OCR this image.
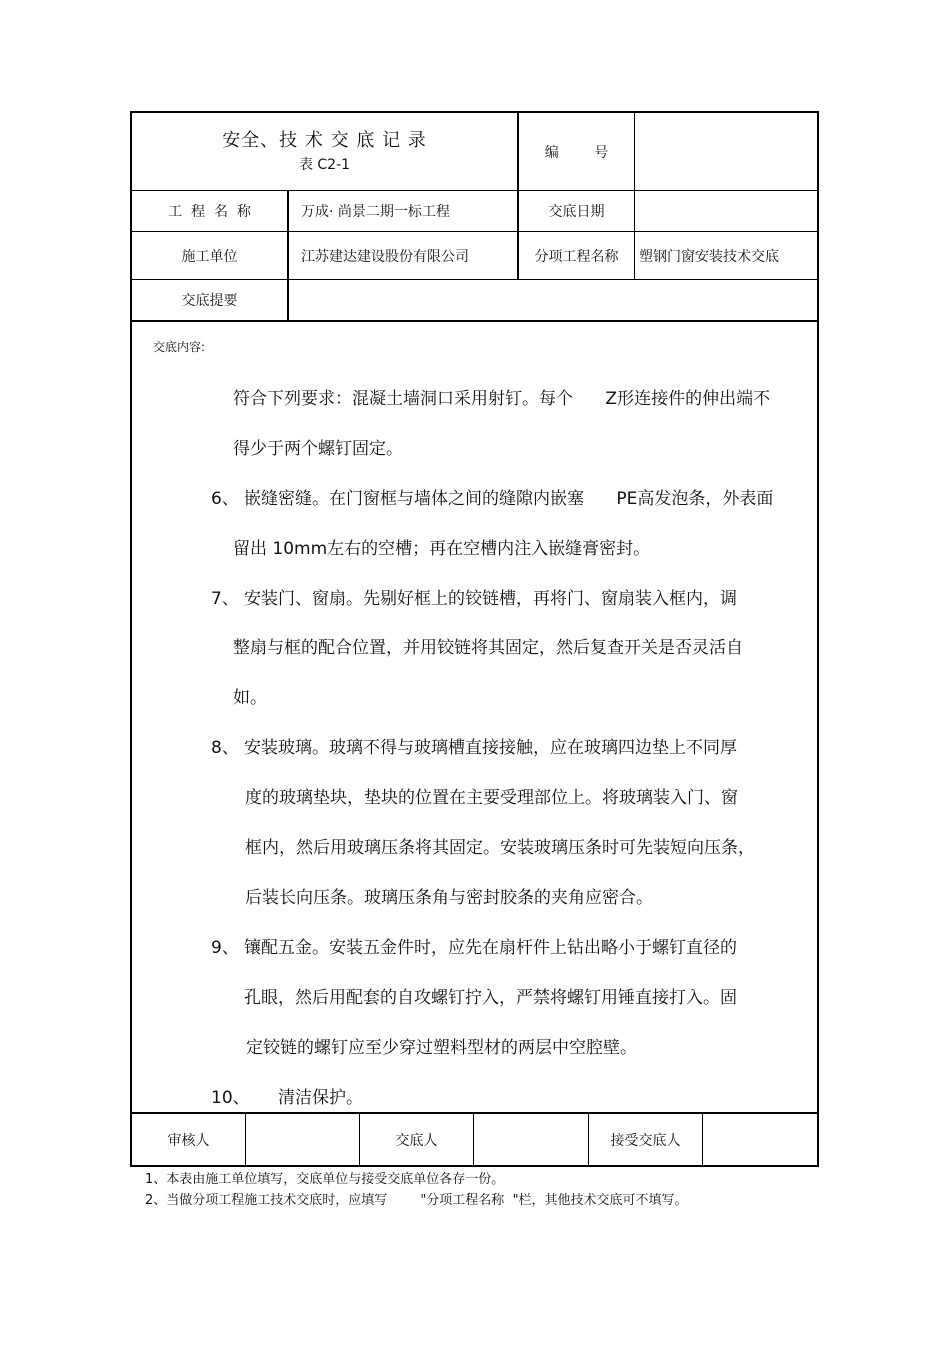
安全、技 术 交 底 记 录
表 C2-1
编        号
工  程  名  称	万成· 尚景二期一标工程	交底日期
施工单位	江苏建达建设股份有限公司	分项工程名称	塑钢门窗安装技术交底
交底提要
交底内容:
符合下列要求：混凝土墙洞口采用射钉。每个      Z形连接件的伸出端不
得少于两个螺钉固定。
6、 嵌缝密缝。在门窗框与墙体之间的缝隙内嵌塞      PE高发泡条，外表面
留出 10mm左右的空槽；再在空槽内注入嵌缝膏密封。
7、 安装门、窗扇。先剔好框上的铰链槽，再将门、窗扇装入框内，调
整扇与框的配合位置，并用铰链将其固定，然后复查开关是否灵活自
如。
8、 安装玻璃。玻璃不得与玻璃槽直接接触，应在玻璃四边垫上不同厚
度的玻璃垫块，垫块的位置在主要受理部位上。将玻璃装入门、窗
框内，然后用玻璃压条将其固定。安装玻璃压条时可先装短向压条，
后装长向压条。玻璃压条角与密封胶条的夹角应密合。
9、 镶配五金。安装五金件时，应先在扇杆件上钻出略小于螺钉直径的
孔眼，然后用配套的自攻螺钉拧入，严禁将螺钉用锤直接打入。固
定铰链的螺钉应至少穿过塑料型材的两层中空腔壁。
10、 清洁保护。
审核人	交底人	接受交底人
1、本表由施工单位填写，交底单位与接受交底单位各存一份。
2、当做分项工程施工技术交底时，应填写        "分项工程名称  "栏，其他技术交底可不填写。
